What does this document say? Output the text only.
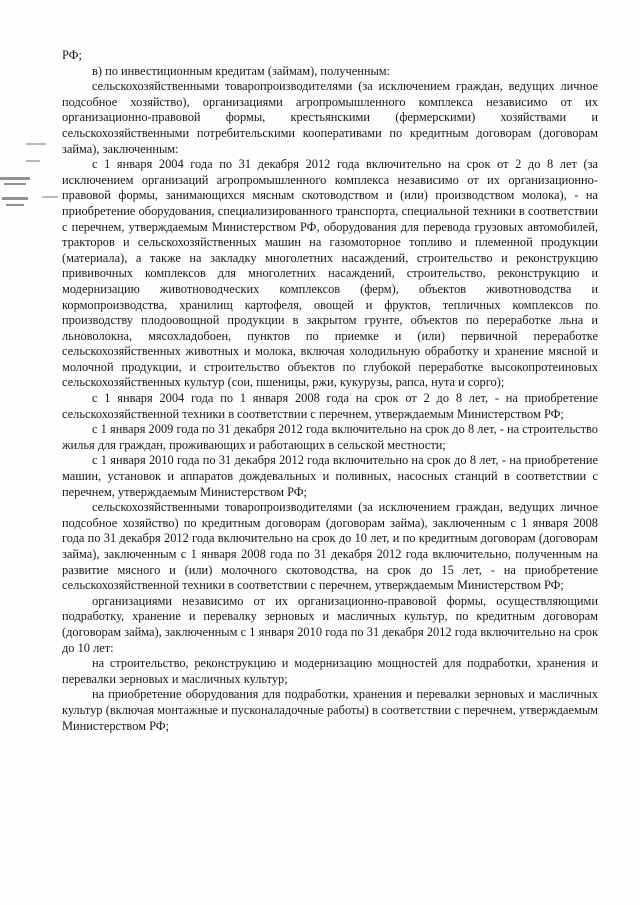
РФ;

в) по инвестиционным кредитам (займам), полученным:

сельскохозяйственными товаропроизводителями (за исключением граждан, ведущих личное подсобное хозяйство), организациями агропромышленного комплекса независимо от их организационно-правовой формы, крестьянскими (фермерскими) хозяйствами и сельскохозяйственными потребительскими кооперативами по кредитным договорам (договорам займа), заключенным:

с 1 января 2004 года по 31 декабря 2012 года включительно на срок от 2 до 8 лет (за исключением организаций агропромышленного комплекса независимо от их организационно-правовой формы, занимающихся мясным скотоводством и (или) производством молока), - на приобретение оборудования, специализированного транспорта, специальной техники в соответствии с перечнем, утверждаемым Министерством РФ, оборудования для перевода грузовых автомобилей, тракторов и сельскохозяйственных машин на газомоторное топливо и племенной продукции (материала), а также на закладку многолетних насаждений, строительство и реконструкцию прививочных комплексов для многолетних насаждений, строительство, реконструкцию и модернизацию животноводческих комплексов (ферм), объектов животноводства и кормопроизводства, хранилищ картофеля, овощей и фруктов, тепличных комплексов по производству плодоовощной продукции в закрытом грунте, объектов по переработке льна и льноволокна, мясохладобоен, пунктов по приемке и (или) первичной переработке сельскохозяйственных животных и молока, включая холодильную обработку и хранение мясной и молочной продукции, и строительство объектов по глубокой переработке высокопротеиновых сельскохозяйственных культур (сои, пшеницы, ржи, кукурузы, рапса, нута и сорго);

с 1 января 2004 года по 1 января 2008 года на срок от 2 до 8 лет, - на приобретение сельскохозяйственной техники в соответствии с перечнем, утверждаемым Министерством РФ;

с 1 января 2009 года по 31 декабря 2012 года включительно на срок до 8 лет, - на строительство жилья для граждан, проживающих и работающих в сельской местности;

с 1 января 2010 года по 31 декабря 2012 года включительно на срок до 8 лет, - на приобретение машин, установок и аппаратов дождевальных и поливных, насосных станций в соответствии с перечнем, утверждаемым Министерством РФ;

сельскохозяйственными товаропроизводителями (за исключением граждан, ведущих личное подсобное хозяйство) по кредитным договорам (договорам займа), заключенным с 1 января 2008 года по 31 декабря 2012 года включительно на срок до 10 лет, и по кредитным договорам (договорам займа), заключенным с 1 января 2008 года по 31 декабря 2012 года включительно, полученным на развитие мясного и (или) молочного скотоводства, на срок до 15 лет, - на приобретение сельскохозяйственной техники в соответствии с перечнем, утверждаемым Министерством РФ;

организациями независимо от их организационно-правовой формы, осуществляющими подработку, хранение и перевалку зерновых и масличных культур, по кредитным договорам (договорам займа), заключенным с 1 января 2010 года по 31 декабря 2012 года включительно на срок до 10 лет:

на строительство, реконструкцию и модернизацию мощностей для подработки, хранения и перевалки зерновых и масличных культур;

на приобретение оборудования для подработки, хранения и перевалки зерновых и масличных культур (включая монтажные и пусконаладочные работы) в соответствии с перечнем, утверждаемым Министерством РФ;
